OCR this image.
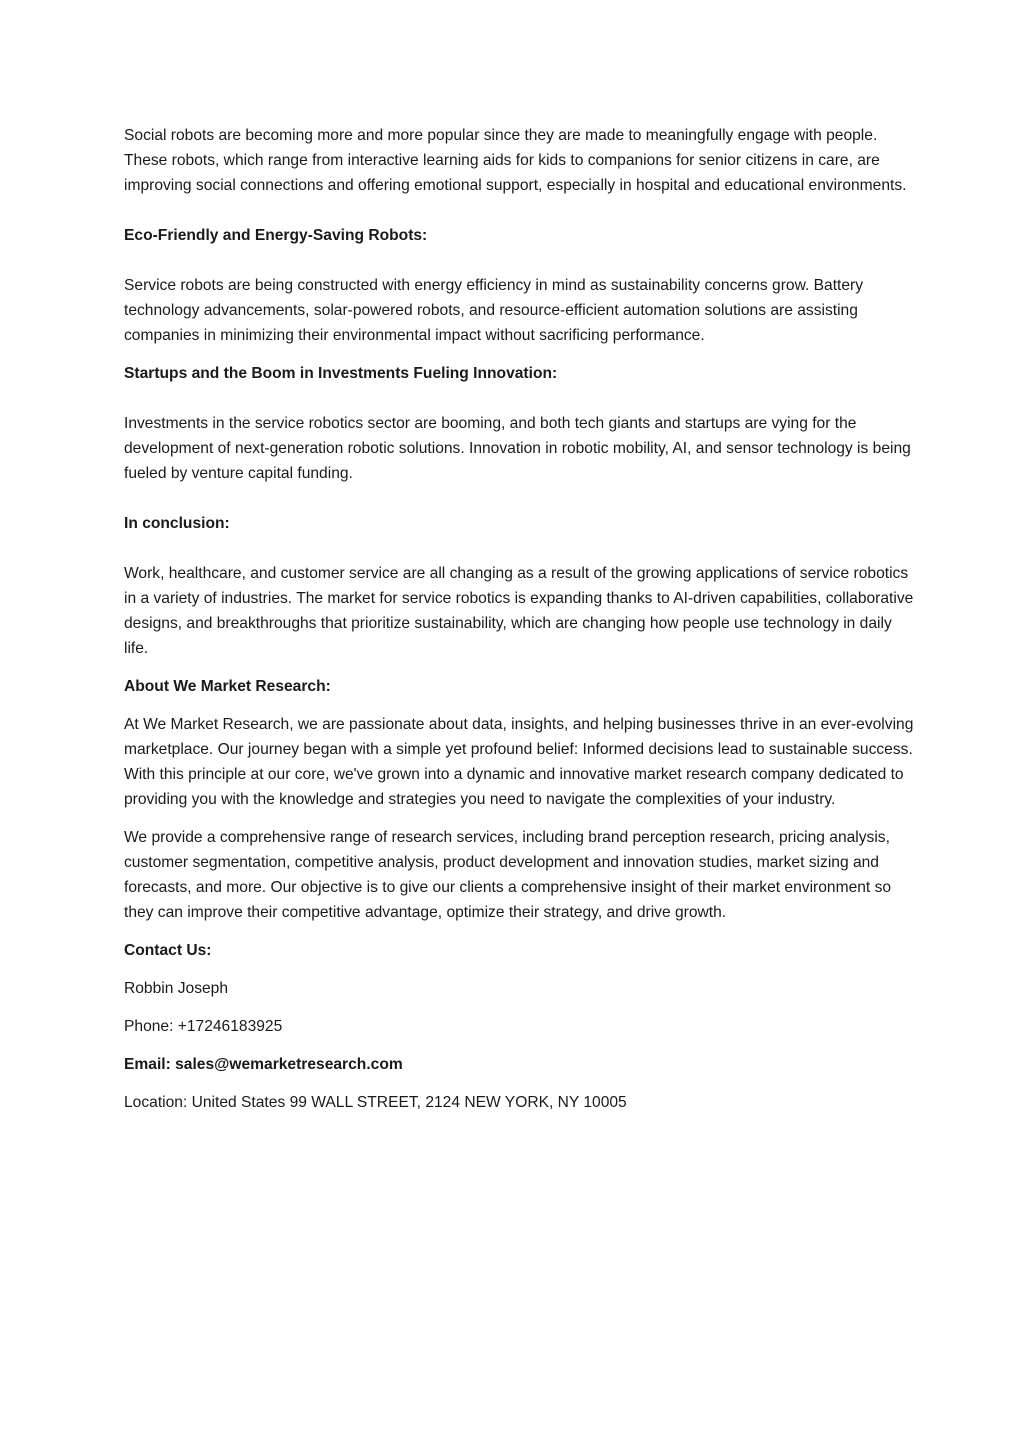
Social robots are becoming more and more popular since they are made to meaningfully engage with people. These robots, which range from interactive learning aids for kids to companions for senior citizens in care, are improving social connections and offering emotional support, especially in hospital and educational environments.

Eco-Friendly and Energy-Saving Robots:

Service robots are being constructed with energy efficiency in mind as sustainability concerns grow. Battery technology advancements, solar-powered robots, and resource-efficient automation solutions are assisting companies in minimizing their environmental impact without sacrificing performance.

Startups and the Boom in Investments Fueling Innovation:

Investments in the service robotics sector are booming, and both tech giants and startups are vying for the development of next-generation robotic solutions. Innovation in robotic mobility, AI, and sensor technology is being fueled by venture capital funding.

In conclusion:

Work, healthcare, and customer service are all changing as a result of the growing applications of service robotics in a variety of industries. The market for service robotics is expanding thanks to AI-driven capabilities, collaborative designs, and breakthroughs that prioritize sustainability, which are changing how people use technology in daily life.

About We Market Research:

At We Market Research, we are passionate about data, insights, and helping businesses thrive in an ever-evolving marketplace. Our journey began with a simple yet profound belief: Informed decisions lead to sustainable success. With this principle at our core, we've grown into a dynamic and innovative market research company dedicated to providing you with the knowledge and strategies you need to navigate the complexities of your industry.

We provide a comprehensive range of research services, including brand perception research, pricing analysis, customer segmentation, competitive analysis, product development and innovation studies, market sizing and forecasts, and more. Our objective is to give our clients a comprehensive insight of their market environment so they can improve their competitive advantage, optimize their strategy, and drive growth.

Contact Us:

Robbin Joseph

Phone: +17246183925

Email: sales@wemarketresearch.com

Location: United States 99 WALL STREET, 2124 NEW YORK, NY 10005
